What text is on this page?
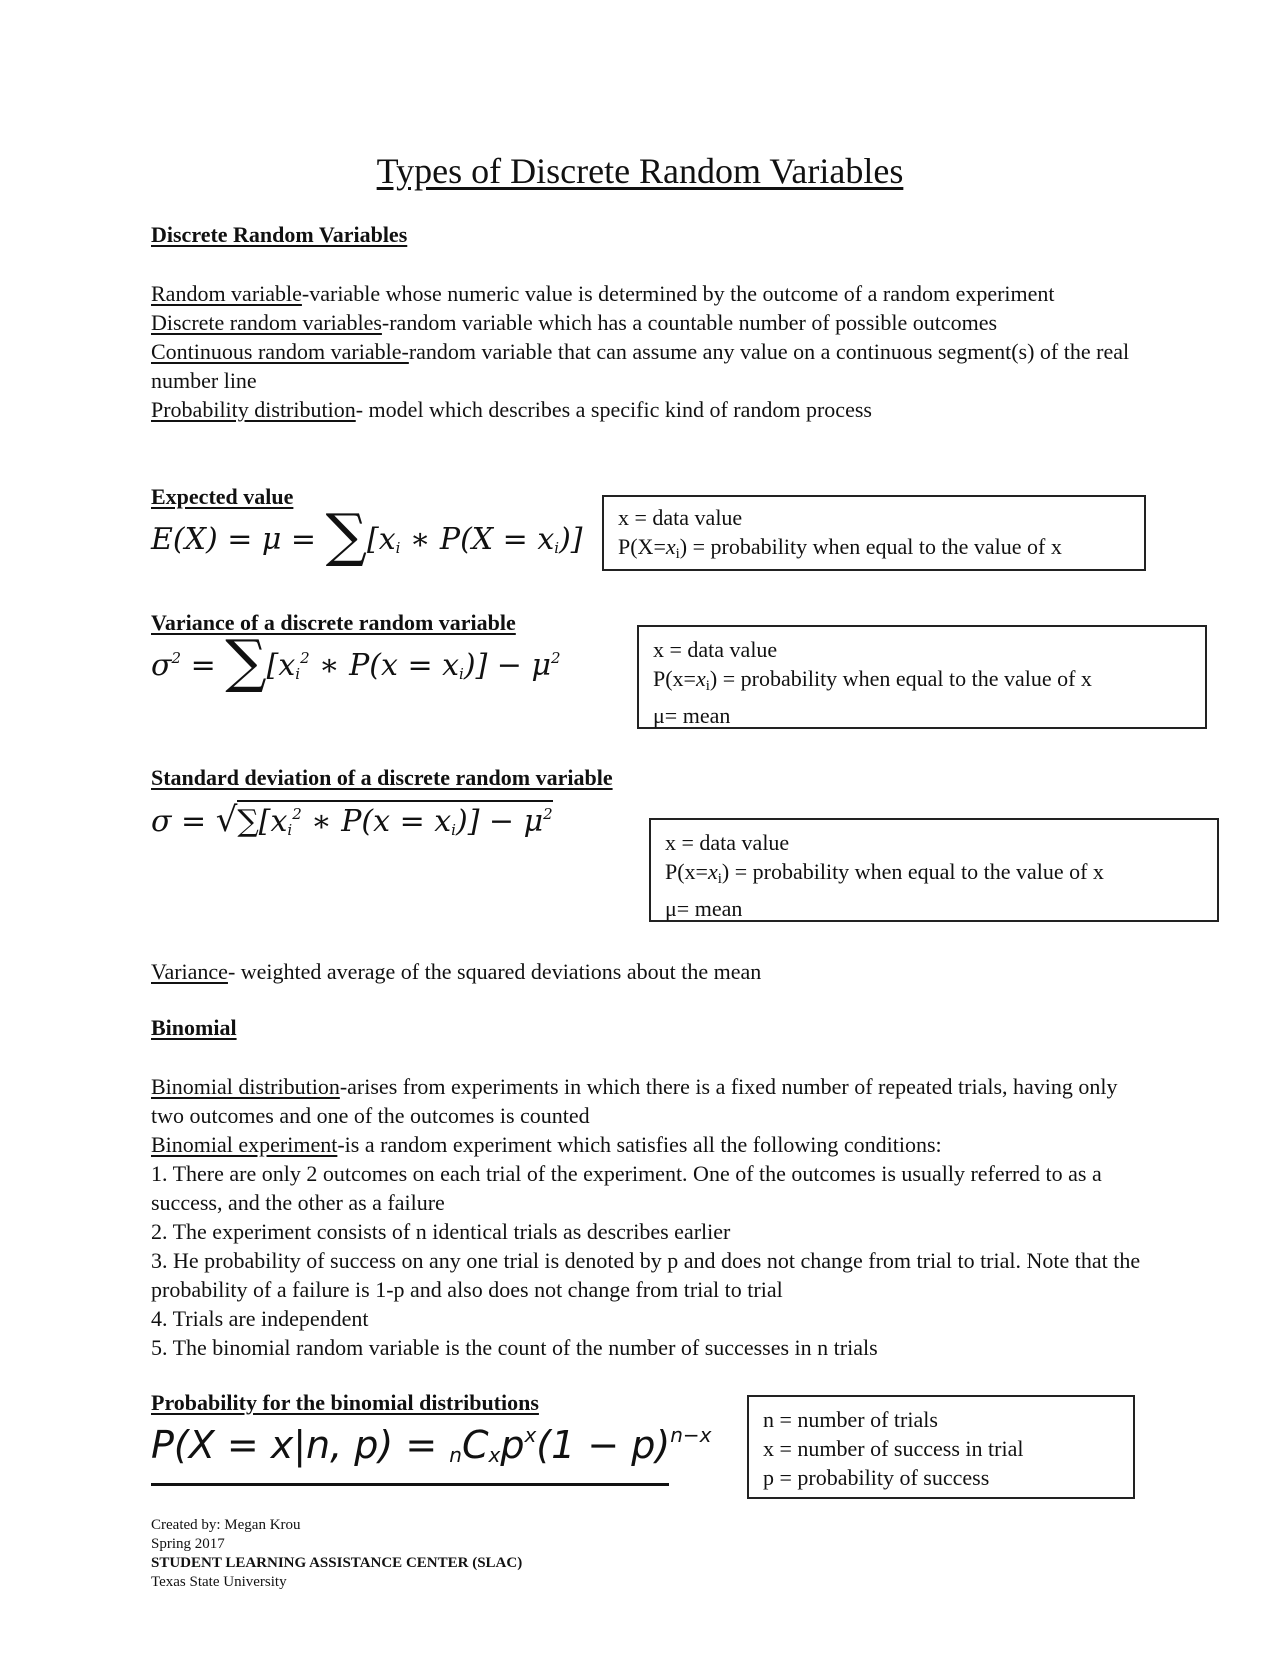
Types of Discrete Random Variables
Discrete Random Variables
Random variable-variable whose numeric value is determined by the outcome of a random experiment
Discrete random variables-random variable which has a countable number of possible outcomes
Continuous random variable-random variable that can assume any value on a continuous segment(s) of the real number line
Probability distribution- model which describes a specific kind of random process
Expected value
$E(X) = \mu = \sum[x_i$ ∗ $P(X = x_i)$]
x = data value
$P(X=x_i)$ = probability when equal to the value of x
Variance of a discrete random variable
$\sigma^2 = \sum[x_i^2$ ∗ $P(x = x_i)] - \mu^2$	x = data value
$P(x=x_i)$ = probability when equal to the value of x
μ= mean
Standard deviation of a discrete random variable
$\sigma = √\sum[x_i^2$ ∗ $P(x = x_i)] - \mu^2$
x = data value
$P(x=x_i)$ = probability when equal to the value of x
μ= mean
Variance- weighted average of the squared deviations about the mean
Binomial
Binomial distribution-arises from experiments in which there is a fixed number of repeated trials, having only two outcomes and one of the outcomes is counted
Binomial experiment-is a random experiment which satisfies all the following conditions:
1. There are only 2 outcomes on each trial of the experiment. One of the outcomes is usually referred to as a success, and the other as a failure
2. The experiment consists of n identical trials as describes earlier
3. He probability of success on any one trial is denoted by p and does not change from trial to trial. Note that the probability of a failure is 1-p and also does not change from trial to trial
4. Trials are independent
5. The binomial random variable is the count of the number of successes in n trials
Probability for the binomial distributions
P(X = x|n, $p) = _nC_xp^x(1 - p)^{n-x}$
n = number of trials
x = number of success in trial
p = probability of success
Created by: Megan Krou
Spring 2017
STUDENT LEARNING ASSISTANCE CENTER (SLAC)
Texas State University
